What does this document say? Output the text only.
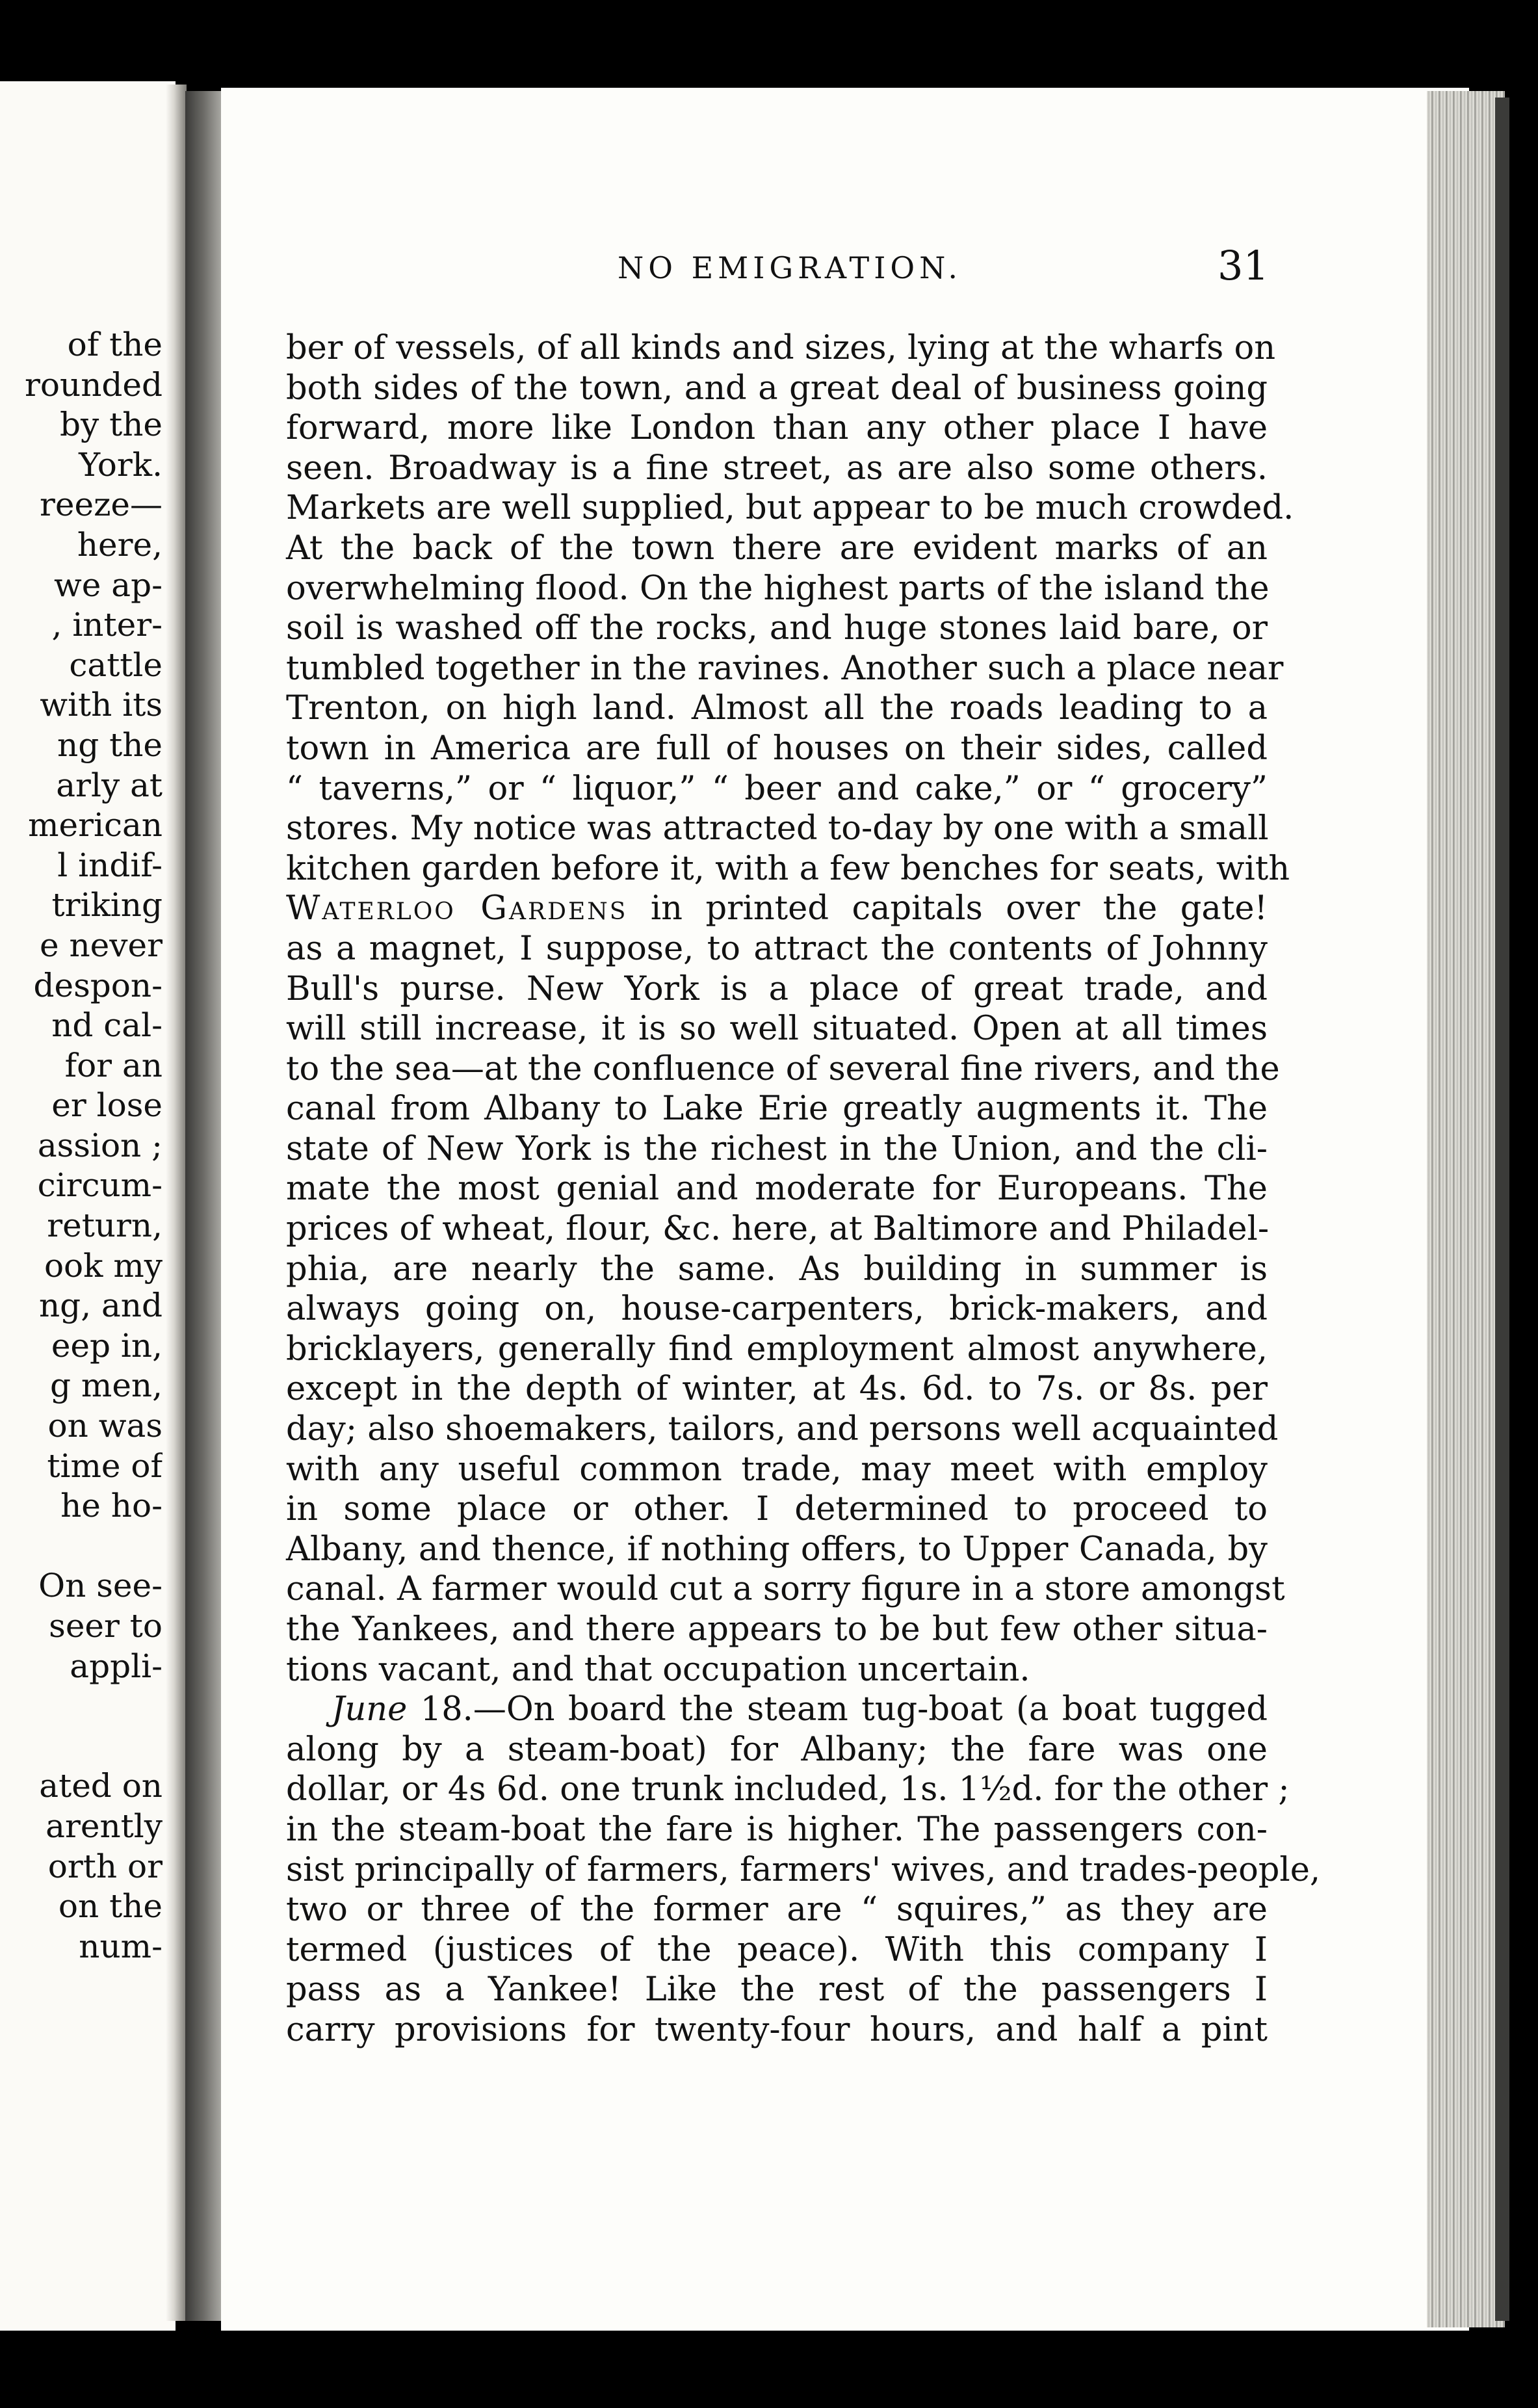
of the
rounded
by the
York.
reeze—
here,
we ap-
, inter-
cattle
with its
ng the
arly at
merican
l indif-
triking
e never
despon-
nd cal-
for an
er lose
assion ;
circum-
return,
ook my
ng, and
eep in,
g men,
on was
time of
he ho-

On see-
seer to
appli-

ated on
arently
orth or
on the
num-
NO EMIGRATION.	31
ber of vessels, of all kinds and sizes, lying at the wharfs on
both sides of the town, and a great deal of business going
forward, more like London than any other place I have
seen. Broadway is a fine street, as are also some others.
Markets are well supplied, but appear to be much crowded.
At the back of the town there are evident marks of an
overwhelming flood. On the highest parts of the island the
soil is washed off the rocks, and huge stones laid bare, or
tumbled together in the ravines. Another such a place near
Trenton, on high land. Almost all the roads leading to a
town in America are full of houses on their sides, called
“ taverns,” or “ liquor,” “ beer and cake,” or “ grocery”
stores. My notice was attracted to-day by one with a small
kitchen garden before it, with a few benches for seats, with
Waterloo Gardens in printed capitals over the gate!
as a magnet, I suppose, to attract the contents of Johnny
Bull's purse. New York is a place of great trade, and
will still increase, it is so well situated. Open at all times
to the sea—at the confluence of several fine rivers, and the
canal from Albany to Lake Erie greatly augments it. The
state of New York is the richest in the Union, and the cli-
mate the most genial and moderate for Europeans. The
prices of wheat, flour, &c. here, at Baltimore and Philadel-
phia, are nearly the same. As building in summer is
always going on, house-carpenters, brick-makers, and
bricklayers, generally find employment almost anywhere,
except in the depth of winter, at 4s. 6d. to 7s. or 8s. per
day; also shoemakers, tailors, and persons well acquainted
with any useful common trade, may meet with employ
in some place or other. I determined to proceed to
Albany, and thence, if nothing offers, to Upper Canada, by
canal. A farmer would cut a sorry figure in a store amongst
the Yankees, and there appears to be but few other situa-
tions vacant, and that occupation uncertain.
June 18.—On board the steam tug-boat (a boat tugged
along by a steam-boat) for Albany; the fare was one
dollar, or 4s 6d. one trunk included, 1s. 1½d. for the other ;
in the steam-boat the fare is higher. The passengers con-
sist principally of farmers, farmers' wives, and trades-people,
two or three of the former are “ squires,” as they are
termed (justices of the peace). With this company I
pass as a Yankee! Like the rest of the passengers I
carry provisions for twenty-four hours, and half a pint
